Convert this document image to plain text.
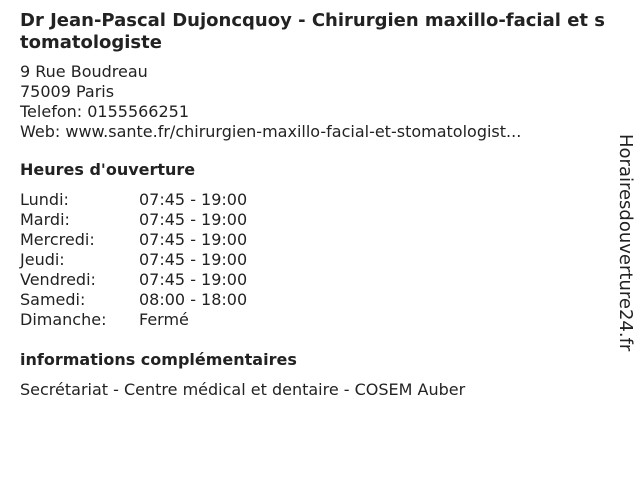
Dr Jean-Pascal Dujoncquoy - Chirurgien maxillo-facial et stomatologiste
9 Rue Boudreau
75009 Paris
Telefon: 0155566251
Web: www.sante.fr/chirurgien-maxillo-facial-et-stomatologist...
Heures d'ouverture
Lundi:	07:45 - 19:00
Mardi:	07:45 - 19:00
Mercredi:	07:45 - 19:00
Jeudi:	07:45 - 19:00
Vendredi:	07:45 - 19:00
Samedi:	08:00 - 18:00
Dimanche:	Fermé
informations complémentaires
Secrétariat - Centre médical et dentaire - COSEM Auber
Horairesdouverture24.fr
